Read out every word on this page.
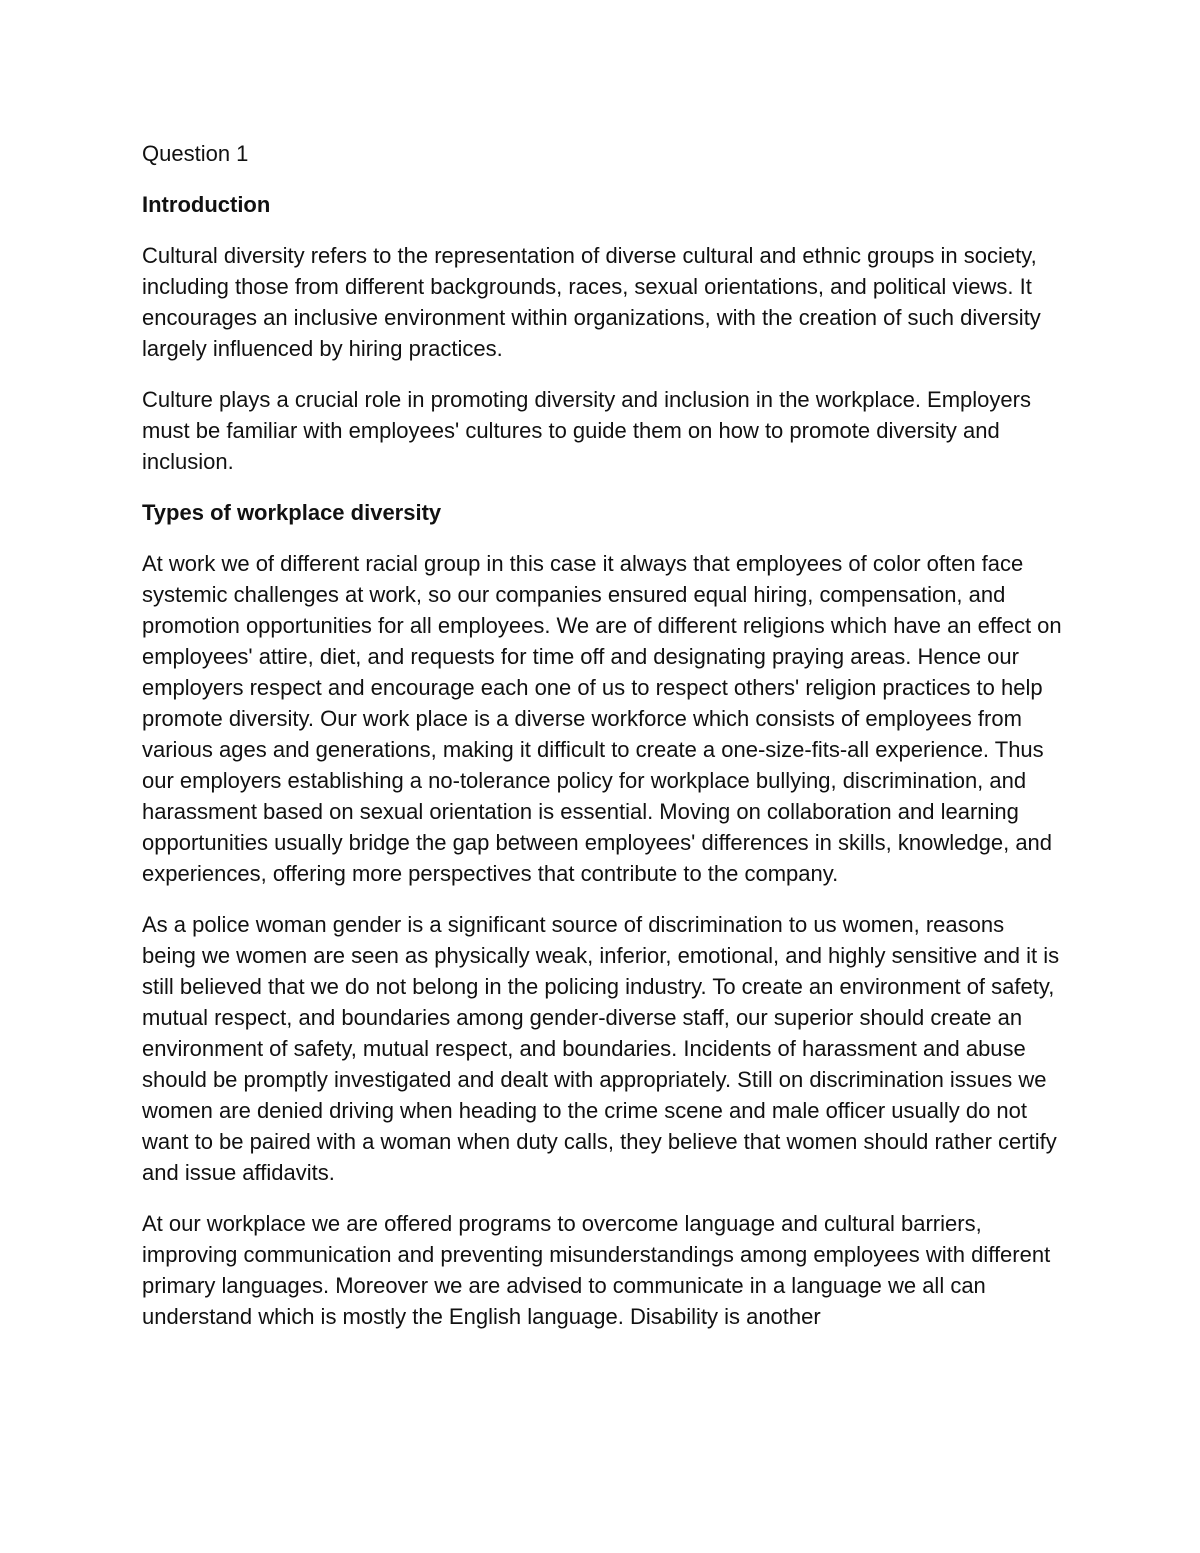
Question 1
Introduction

Cultural diversity refers to the representation of diverse cultural and ethnic groups in society, including those from different backgrounds, races, sexual orientations, and political views. It encourages an inclusive environment within organizations, with the creation of such diversity largely influenced by hiring practices.

Culture plays a crucial role in promoting diversity and inclusion in the workplace. Employers must be familiar with employees' cultures to guide them on how to promote diversity and inclusion.

Types of workplace diversity

At work we of different racial group in this case it always that employees of color often face systemic challenges at work, so our companies ensured equal hiring, compensation, and promotion opportunities for all employees. We are of different religions which have an effect on employees' attire, diet, and requests for time off and designating praying areas. Hence our employers respect and encourage each one of us to respect others' religion practices to help promote diversity. Our work place is a diverse workforce which consists of employees from various ages and generations, making it difficult to create a one-size-fits-all experience. Thus our employers establishing a no-tolerance policy for workplace bullying, discrimination, and harassment based on sexual orientation is essential. Moving on collaboration and learning opportunities usually bridge the gap between employees' differences in skills, knowledge, and experiences, offering more perspectives that contribute to the company.

As a police woman gender is a significant source of discrimination to us women, reasons being we women are seen as physically weak, inferior, emotional, and highly sensitive and it is still believed that we do not belong in the policing industry. To create an environment of safety, mutual respect, and boundaries among gender-diverse staff, our superior should create an environment of safety, mutual respect, and boundaries. Incidents of harassment and abuse should be promptly investigated and dealt with appropriately. Still on discrimination issues we women are denied driving when heading to the crime scene and male officer usually do not want to be paired with a woman when duty calls, they believe that women should rather certify and issue affidavits.

At our workplace we are offered programs to overcome language and cultural barriers, improving communication and preventing misunderstandings among employees with different primary languages. Moreover we are advised to communicate in a language we all can understand which is mostly the English language. Disability is another
